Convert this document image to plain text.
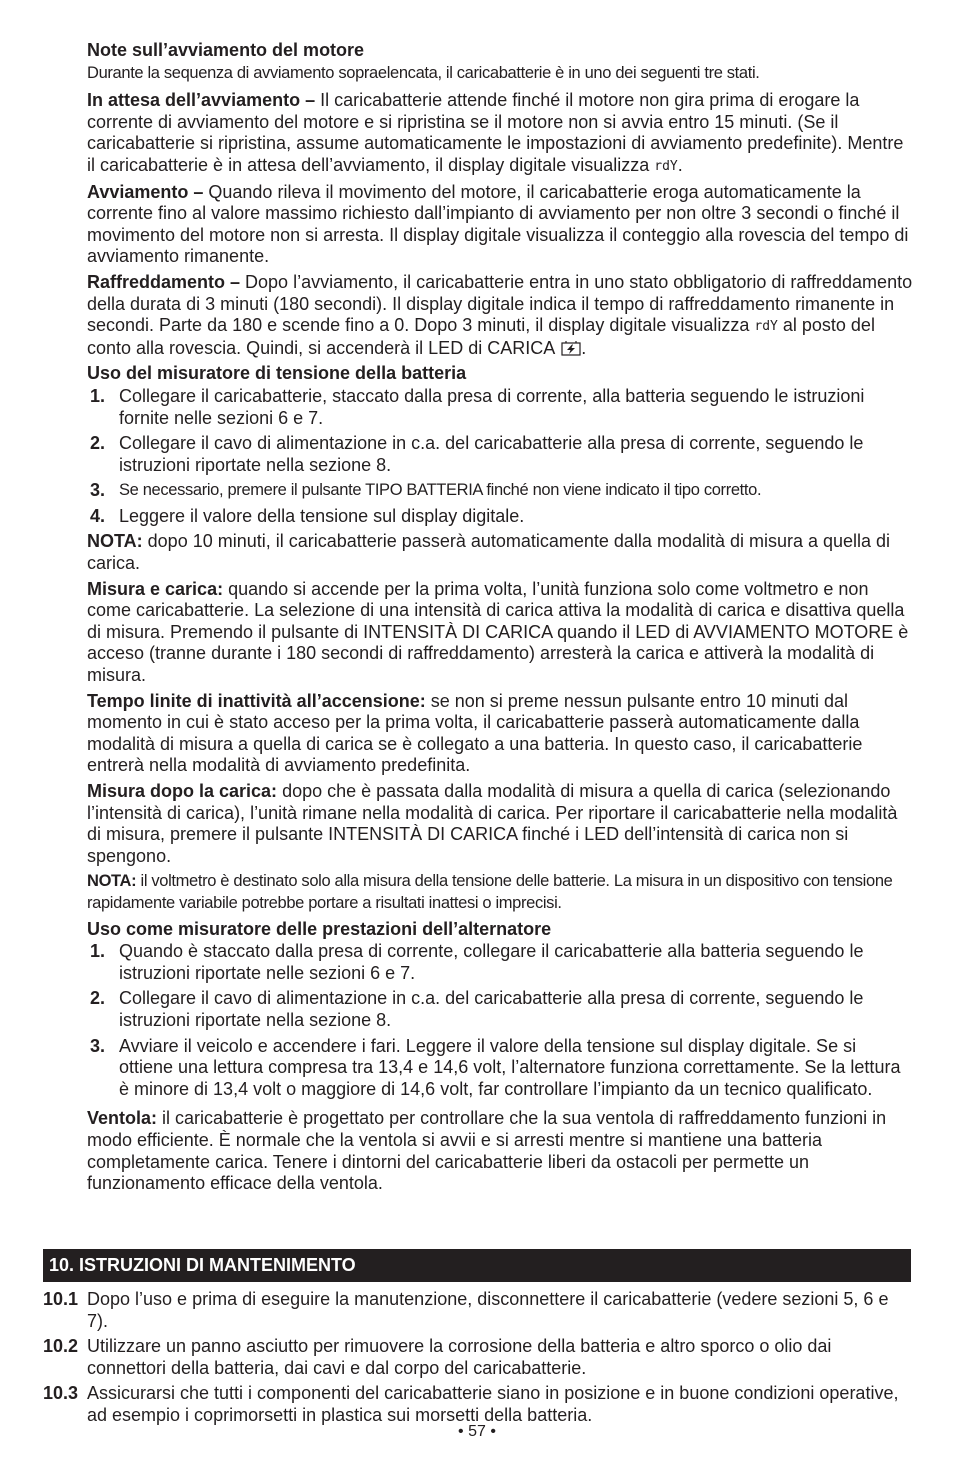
Note sull’avviamento del motore

Durante la sequenza di avviamento sopraelencata, il caricabatterie è in uno dei seguenti tre stati.

In attesa dell’avviamento – Il caricabatterie attende finché il motore non gira prima di erogare la corrente di avviamento del motore e si ripristina se il motore non si avvia entro 15 minuti. (Se il caricabatterie si ripristina, assume automaticamente le impostazioni di avviamento predefinite). Mentre il caricabatterie è in attesa dell’avviamento, il display digitale visualizza rdY.

Avviamento – Quando rileva il movimento del motore, il caricabatterie eroga automaticamente la corrente fino al valore massimo richiesto dall’impianto di avviamento per non oltre 3 secondi o finché il movimento del motore non si arresta. Il display digitale visualizza il conteggio alla rovescia del tempo di avviamento rimanente.

Raffreddamento – Dopo l’avviamento, il caricabatterie entra in uno stato obbligatorio di raffreddamento della durata di 3 minuti (180 secondi). Il display digitale indica il tempo di raffreddamento rimanente in secondi. Parte da 180 e scende fino a 0. Dopo 3 minuti, il display digitale visualizza rdY al posto del conto alla rovescia. Quindi, si accenderà il LED di CARICA .

Uso del misuratore di tensione della batteria
1. Collegare il caricabatterie, staccato dalla presa di corrente, alla batteria seguendo le istruzioni fornite nelle sezioni 6 e 7.
2. Collegare il cavo di alimentazione in c.a. del caricabatterie alla presa di corrente, seguendo le istruzioni riportate nella sezione 8.
3. Se necessario, premere il pulsante TIPO BATTERIA finché non viene indicato il tipo corretto.
4. Leggere il valore della tensione sul display digitale.

NOTA: dopo 10 minuti, il caricabatterie passerà automaticamente dalla modalità di misura a quella di carica.

Misura e carica: quando si accende per la prima volta, l’unità funziona solo come voltmetro e non come caricabatterie. La selezione di una intensità di carica attiva la modalità di carica e disattiva quella di misura. Premendo il pulsante di INTENSITÀ DI CARICA quando il LED di AVVIAMENTO MOTORE è acceso (tranne durante i 180 secondi di raffreddamento) arresterà la carica e attiverà la modalità di misura.

Tempo linite di inattività all’accensione: se non si preme nessun pulsante entro 10 minuti dal momento in cui è stato acceso per la prima volta, il caricabatterie passerà automaticamente dalla modalità di misura a quella di carica se è collegato a una batteria. In questo caso, il caricabatterie entrerà nella modalità di avviamento predefinita.

Misura dopo la carica: dopo che è passata dalla modalità di misura a quella di carica (selezionando l’intensità di carica), l’unità rimane nella modalità di carica. Per riportare il caricabatterie nella modalità di misura, premere il pulsante INTENSITÀ DI CARICA finché i LED dell’intensità di carica non si spengono.

NOTA: il voltmetro è destinato solo alla misura della tensione delle batterie. La misura in un dispositivo con tensione rapidamente variabile potrebbe portare a risultati inattesi o imprecisi.

Uso come misuratore delle prestazioni dell’alternatore
1. Quando è staccato dalla presa di corrente, collegare il caricabatterie alla batteria seguendo le istruzioni riportate nelle sezioni 6 e 7.
2. Collegare il cavo di alimentazione in c.a. del caricabatterie alla presa di corrente, seguendo le istruzioni riportate nella sezione 8.
3. Avviare il veicolo e accendere i fari. Leggere il valore della tensione sul display digitale. Se si ottiene una lettura compresa tra 13,4 e 14,6 volt, l’alternatore funziona correttamente. Se la lettura è minore di 13,4 volt o maggiore di 14,6 volt, far controllare l’impianto da un tecnico qualificato.

Ventola: il caricabatterie è progettato per controllare che la sua ventola di raffreddamento funzioni in modo efficiente. È normale che la ventola si avvii e si arresti mentre si mantiene una batteria completamente carica. Tenere i dintorni del caricabatterie liberi da ostacoli per permette un funzionamento efficace della ventola.

10. ISTRUZIONI DI MANTENIMENTO
10.1 Dopo l’uso e prima di eseguire la manutenzione, disconnettere il caricabatterie (vedere sezioni 5, 6 e 7).
10.2 Utilizzare un panno asciutto per rimuovere la corrosione della batteria e altro sporco o olio dai connettori della batteria, dai cavi e dal corpo del caricabatterie.
10.3 Assicurarsi che tutti i componenti del caricabatterie siano in posizione e in buone condizioni operative, ad esempio i coprimorsetti in plastica sui morsetti della batteria.
• 57 •
